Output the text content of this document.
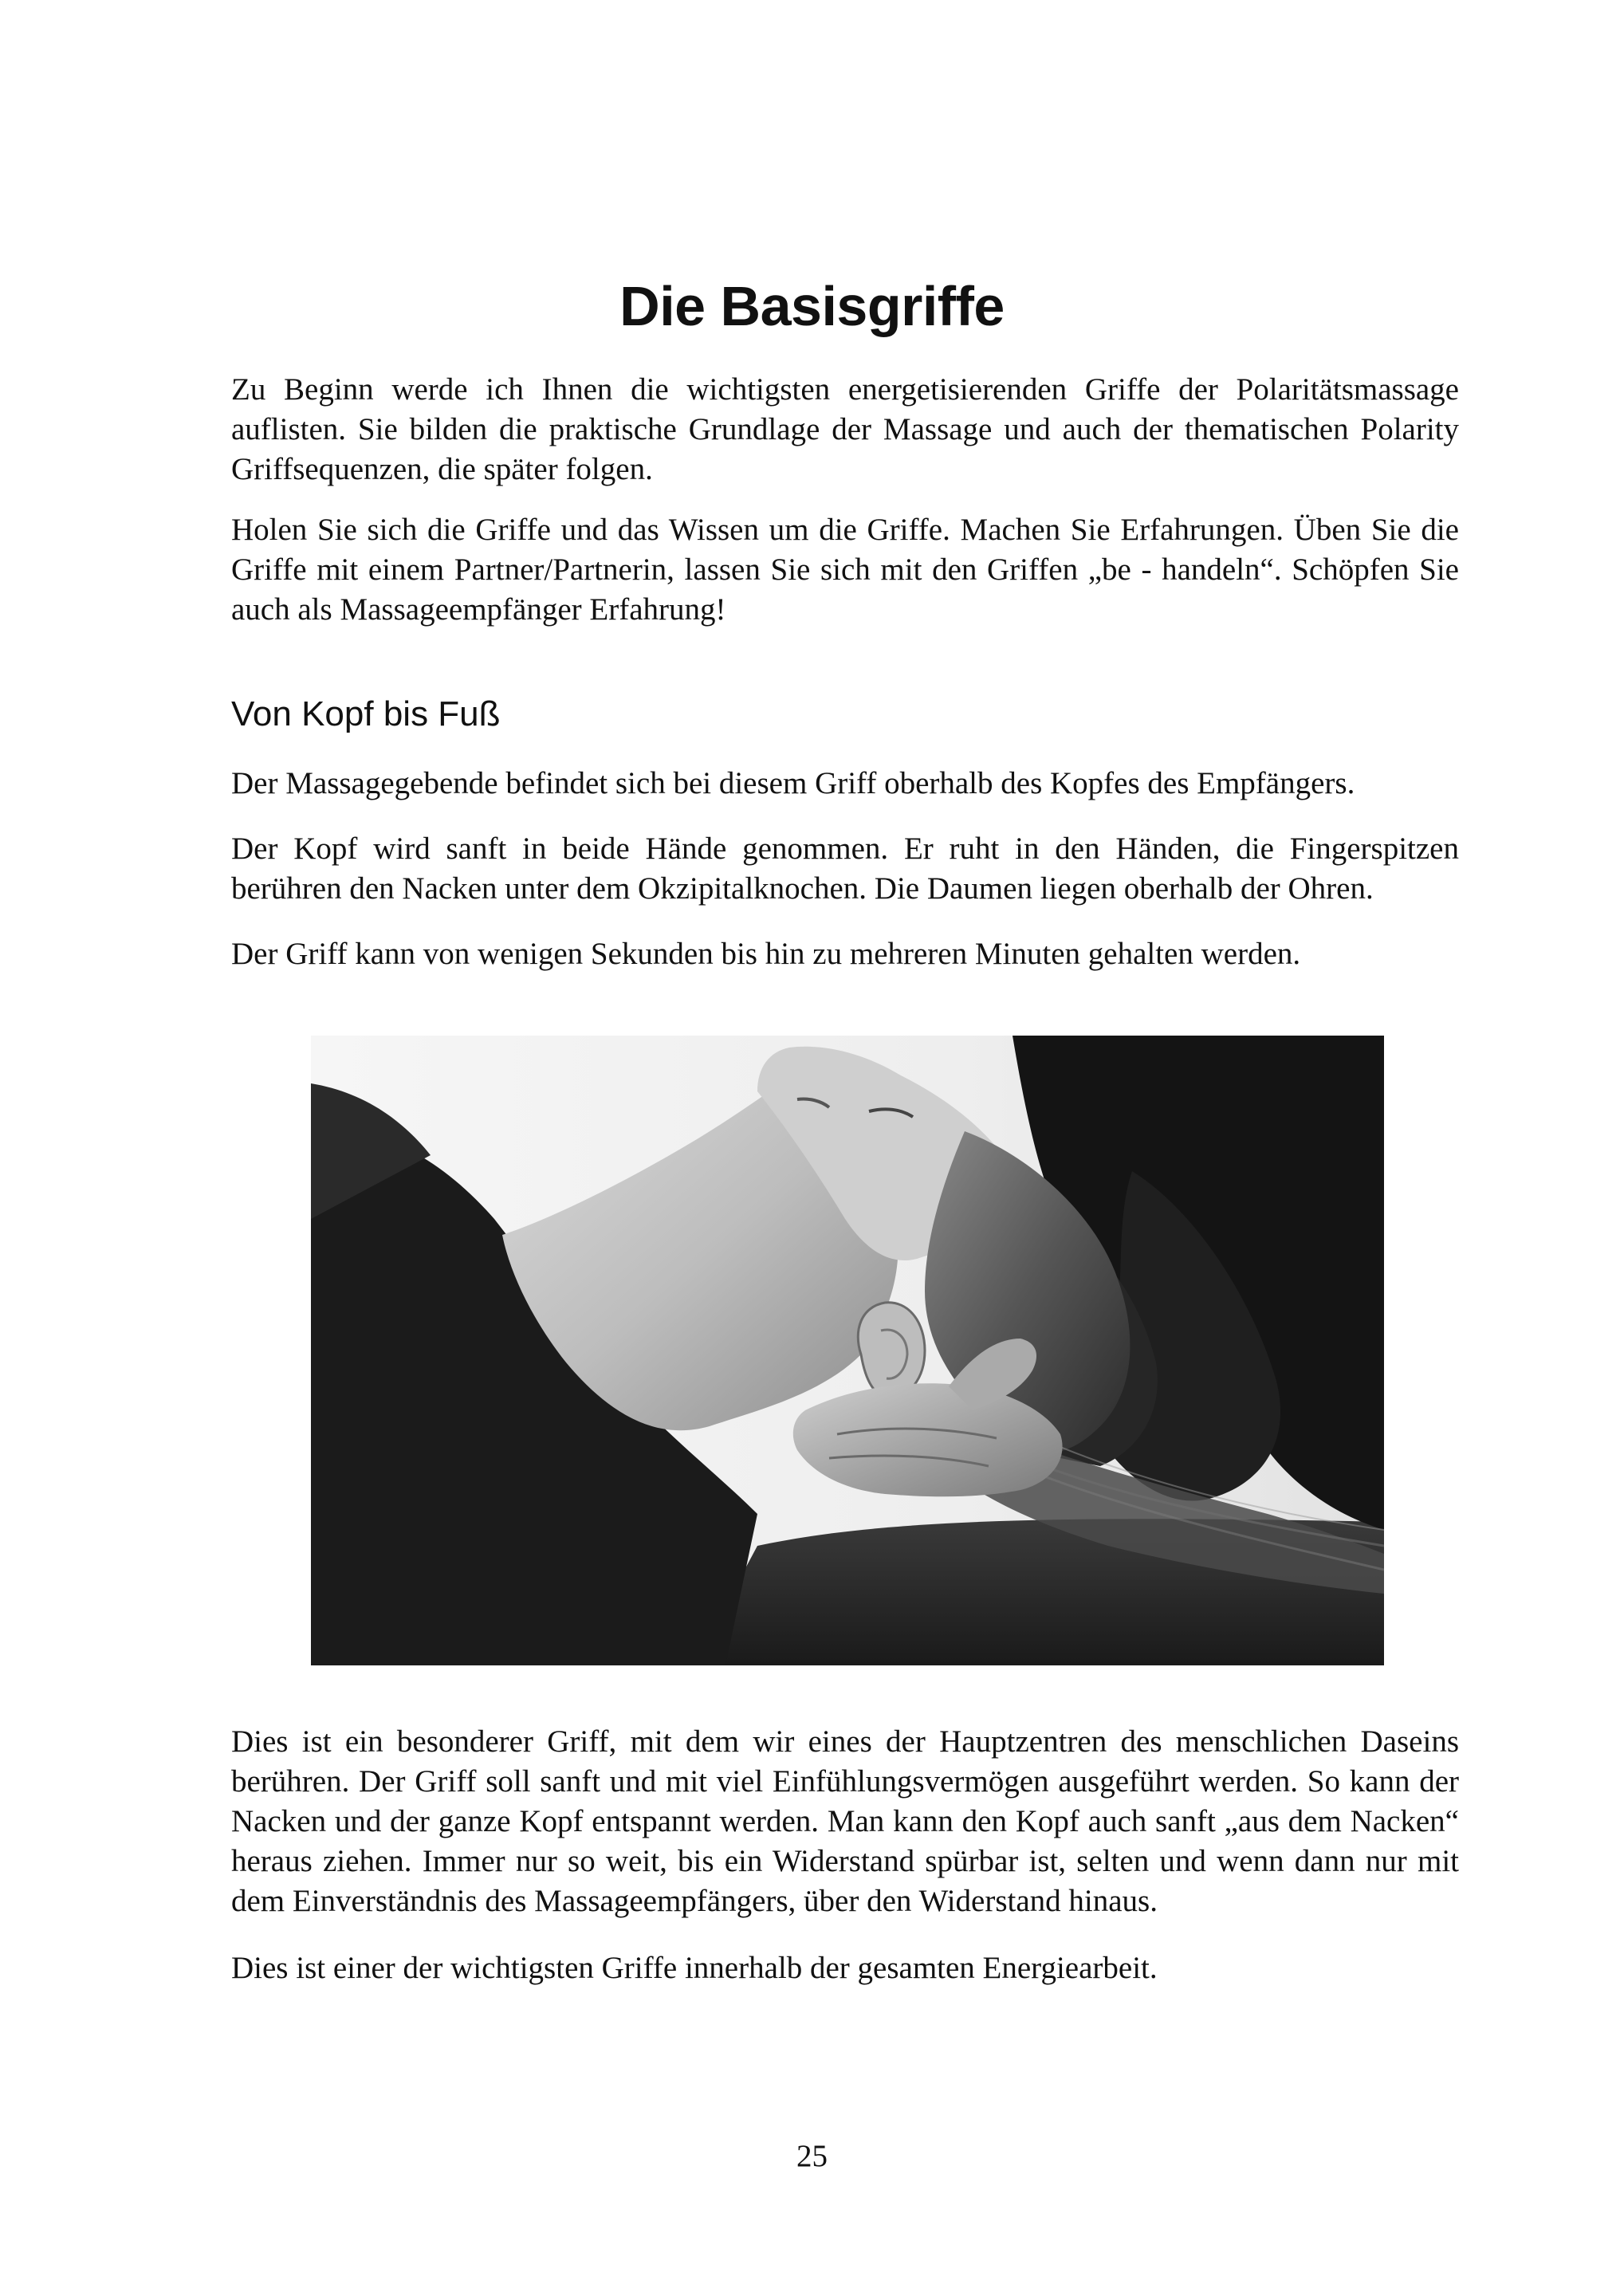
Die Basisgriffe

Zu Beginn werde ich Ihnen die wichtigsten energetisierenden Griffe der Polaritätsmassage auflisten. Sie bilden die praktische Grundlage der Massage und auch der thematischen Polarity Griffsequenzen, die später folgen.

Holen Sie sich die Griffe und das Wissen um die Griffe. Machen Sie Erfahrungen. Üben Sie die Griffe mit einem Partner/Partnerin, lassen Sie sich mit den Griffen „be - handeln“. Schöpfen Sie auch als Massageempfänger Erfahrung!

Von Kopf bis Fuß

Der Massagegebende befindet sich bei diesem Griff oberhalb des Kopfes des Empfängers.

Der Kopf wird sanft in beide Hände genommen. Er ruht in den Händen, die Fingerspitzen berühren den Nacken unter dem Okzipitalknochen. Die Daumen liegen oberhalb der Ohren.

Der Griff kann von wenigen Sekunden bis hin zu mehreren Minuten gehalten werden.

Dies ist ein besonderer Griff, mit dem wir eines der Hauptzentren des menschlichen Daseins berühren. Der Griff soll sanft und mit viel Einfühlungsvermögen ausgeführt werden. So kann der Nacken und der ganze Kopf entspannt werden. Man kann den Kopf auch sanft „aus dem Nacken“ heraus ziehen. Immer nur so weit, bis ein Widerstand spürbar ist, selten und wenn dann nur mit dem Einverständnis des Massageempfängers, über den Widerstand hinaus.

Dies ist einer der wichtigsten Griffe innerhalb der gesamten Energiearbeit.

25
